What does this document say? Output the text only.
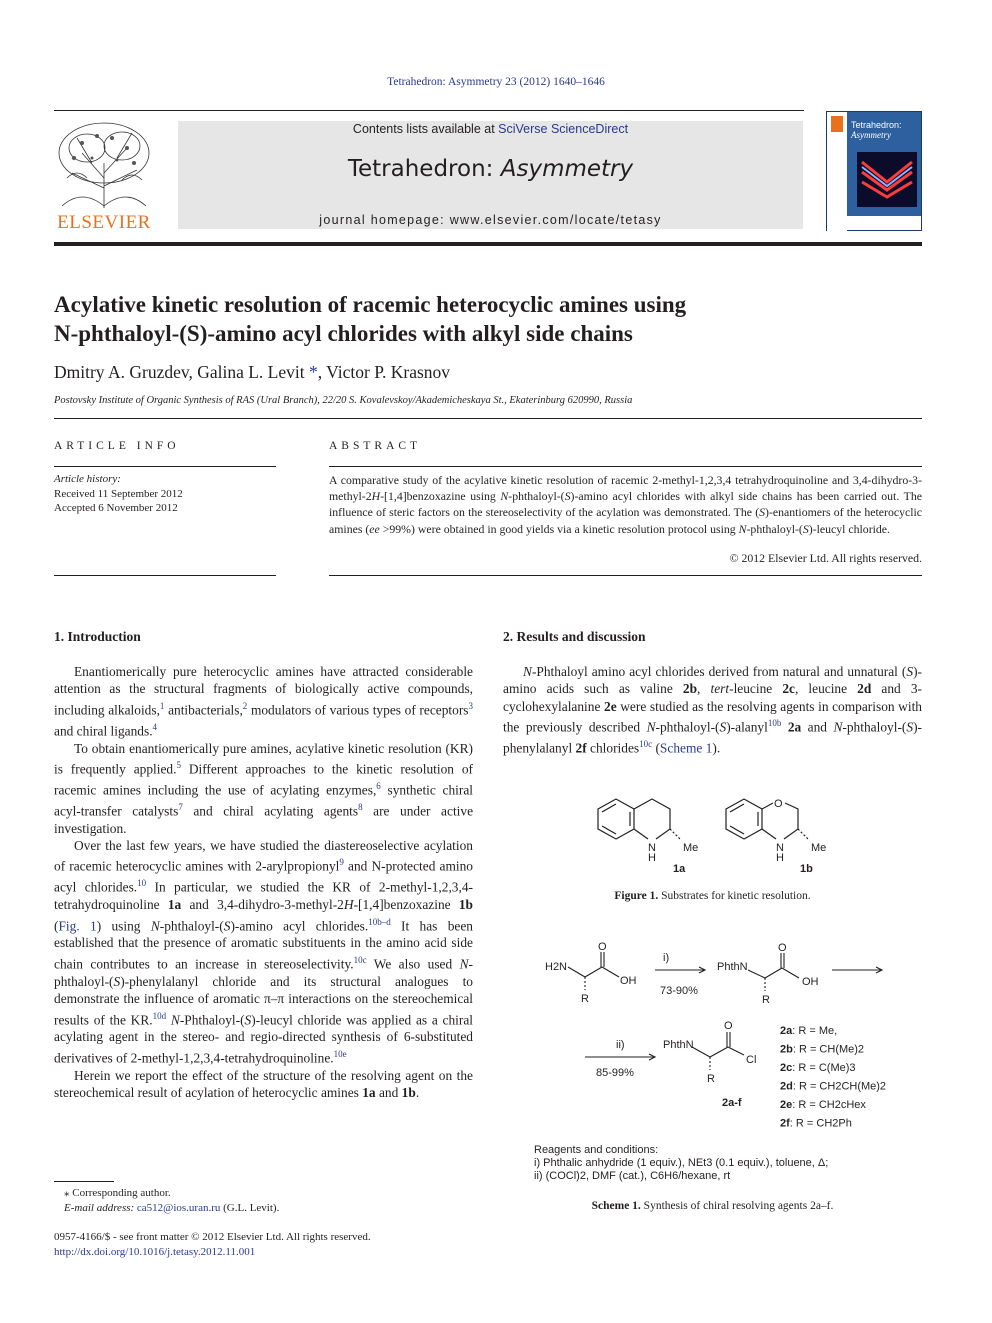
Tetrahedron: Asymmetry 23 (2012) 1640–1646
ELSEVIER
Contents lists available at SciVerse ScienceDirect
Tetrahedron: Asymmetry
journal homepage: www.elsevier.com/locate/tetasy
Tetrahedron:
Asymmetry
Acylative kinetic resolution of racemic heterocyclic amines using
N-phthaloyl-(S)-amino acyl chlorides with alkyl side chains
Dmitry A. Gruzdev, Galina L. Levit *, Victor P. Krasnov
Postovsky Institute of Organic Synthesis of RAS (Ural Branch), 22/20 S. Kovalevskoy/Akademicheskaya St., Ekaterinburg 620990, Russia
ARTICLE INFO	ABSTRACT
Article history:
Received 11 September 2012
Accepted 6 November 2012
A comparative study of the acylative kinetic resolution of racemic 2-methyl-1,2,3,4 tetrahydroquinoline and 3,4-dihydro-3-methyl-2H-[1,4]benzoxazine using N-phthaloyl-(S)-amino acyl chlorides with alkyl side chains has been carried out. The influence of steric factors on the stereoselectivity of the acylation was demonstrated. The (S)-enantiomers of the heterocyclic amines (ee >99%) were obtained in good yields via a kinetic resolution protocol using N-phthaloyl-(S)-leucyl chloride.
© 2012 Elsevier Ltd. All rights reserved.
1. Introduction	2. Results and discussion

Enantiomerically pure heterocyclic amines have attracted considerable attention as the structural fragments of biologically active compounds, including alkaloids,$^1$ antibacterials,$^2$ modulators of various types of receptors$^3$ and chiral ligands.$^4$

To obtain enantiomerically pure amines, acylative kinetic resolution (KR) is frequently applied.$^5$ Different approaches to the kinetic resolution of racemic amines including the use of acylating enzymes,$^6$ synthetic chiral acyl-transfer catalysts$^7$ and chiral acylating agents$^8$ are under active investigation.

Over the last few years, we have studied the diastereoselective acylation of racemic heterocyclic amines with 2-arylpropionyl$^9$ and N-protected amino acyl chlorides.$^{10}$ In particular, we studied the KR of 2-methyl-1,2,3,4-tetrahydroquinoline 1a and 3,4-dihydro-3-methyl-2H-[1,4]benzoxazine 1b (Fig. 1) using N-phthaloyl-(S)-amino acyl chlorides.$^{10b-d}$ It has been established that the presence of aromatic substituents in the amino acid side chain contributes to an increase in stereoselectivity.$^{10c}$ We also used N-phthaloyl-(S)-phenylalanyl chloride and its structural analogues to demonstrate the influence of aromatic π–π interactions on the stereochemical results of the KR.$^{10d}$ N-Phthaloyl-(S)-leucyl chloride was applied as a chiral acylating agent in the stereo- and regio-directed synthesis of 6-substituted derivatives of 2-methyl-1,2,3,4-tetrahydroquinoline.$^{10e}$

Herein we report the effect of the structure of the resolving agent on the stereochemical result of acylation of heterocyclic amines 1a and 1b.

N-Phthaloyl amino acyl chlorides derived from natural and unnatural (S)-amino acids such as valine 2b, tert-leucine 2c, leucine 2d and 3-cyclohexylalanine 2e were studied as the resolving agents in comparison with the previously described N-phthaloyl-(S)-alanyl$^{10b}$ 2a and N-phthaloyl-(S)-phenylalanyl 2f chlorides$^{10c}$ (Scheme 1).

N
H
Me
O
N
H
Me
1a	1b
Figure 1. Substrates for kinetic resolution.
H2N
O
OH
R
i)
73-90%
PhthN
O
OH
R
ii)
85-99%
PhthN
O
Cl
R
2a-f
2a: R = Me,
2b: R = CH(Me)2
2c: R = C(Me)3
2d: R = CH2CH(Me)2
2e: R = CH2cHex
2f: R = CH2Ph
Reagents and conditions:
i) Phthalic anhydride (1 equiv.), NEt3 (0.1 equiv.), toluene, Δ;
ii) (COCl)2, DMF (cat.), C6H6/hexane, rt
Scheme 1. Synthesis of chiral resolving agents 2a–f.
⁎ Corresponding author.
E-mail address: ca512@ios.uran.ru (G.L. Levit).
0957-4166/$ - see front matter © 2012 Elsevier Ltd. All rights reserved.
http://dx.doi.org/10.1016/j.tetasy.2012.11.001
